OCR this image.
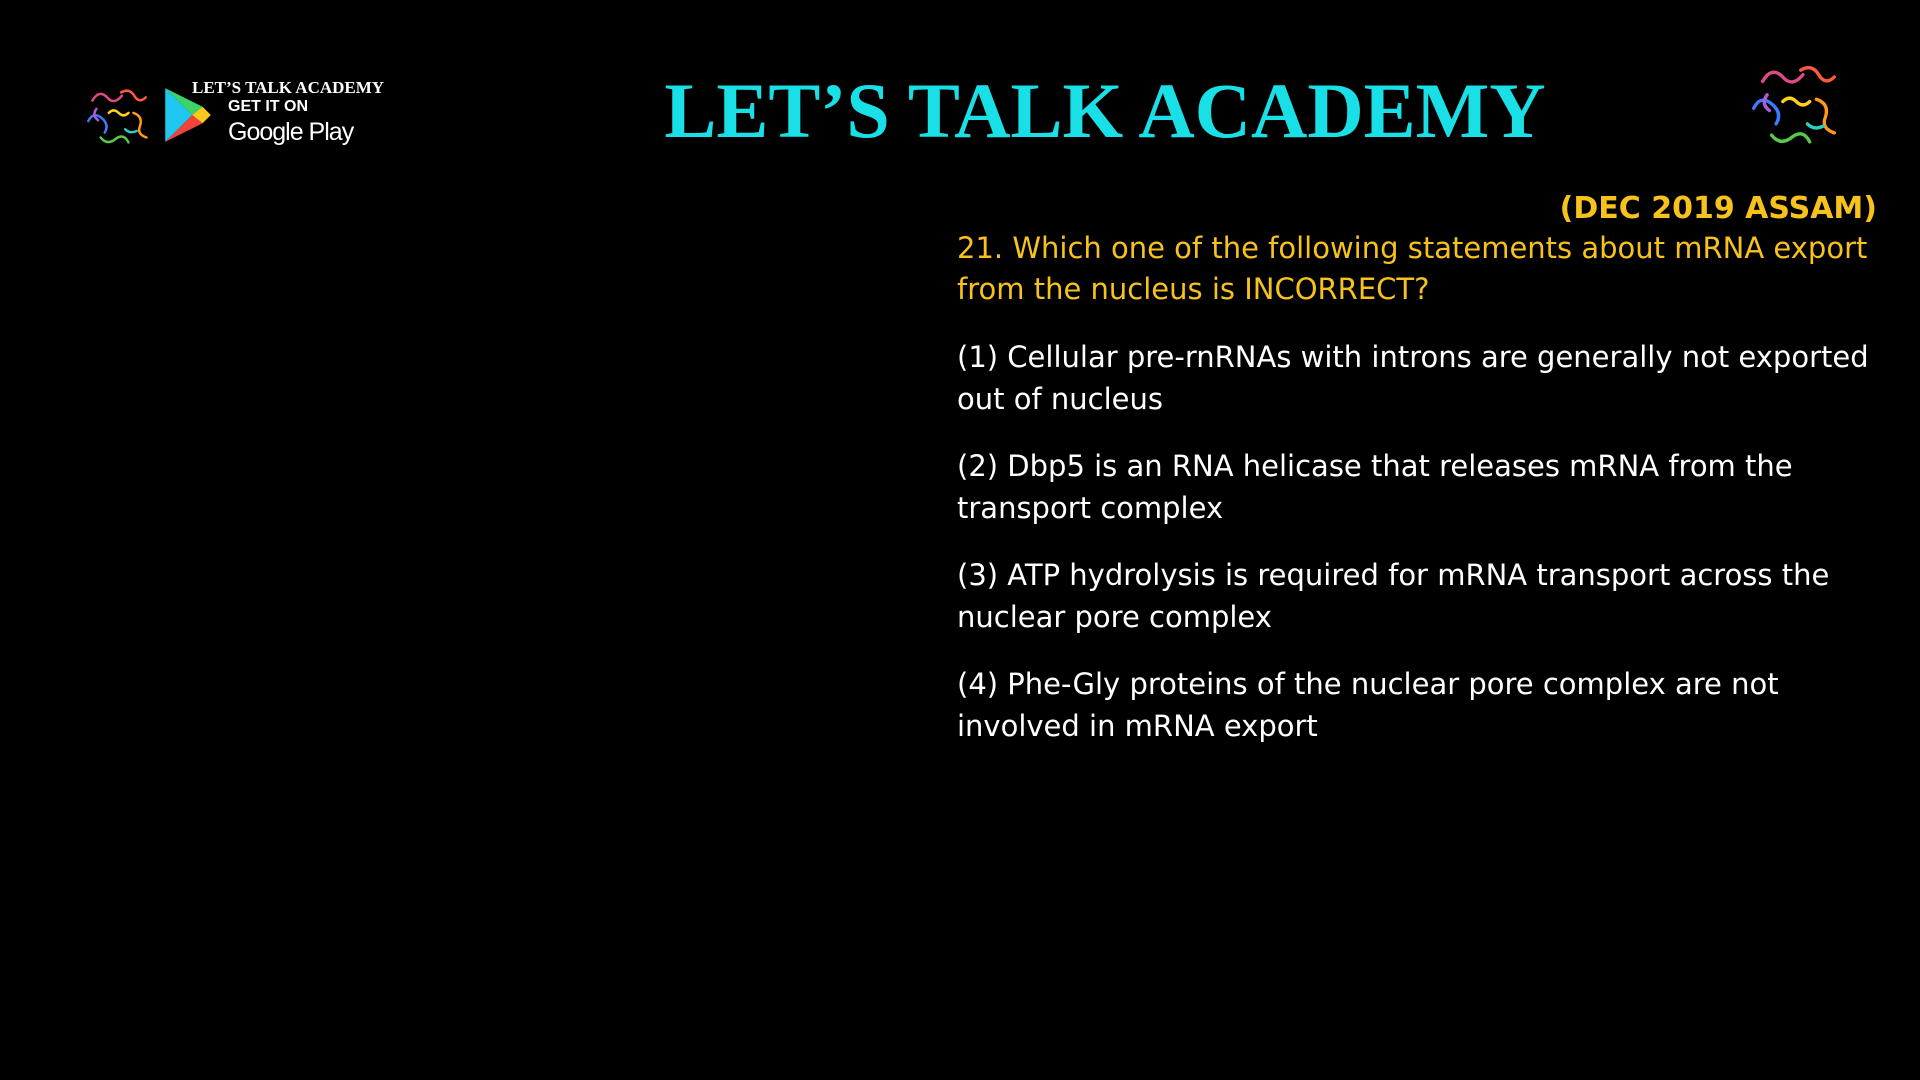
LET’S TALK ACADEMY
GET IT ON
Google Play	LET’S TALK ACADEMY
(DEC 2019 ASSAM)
21. Which one of the following statements about mRNA export from the nucleus is INCORRECT?
(1) Cellular pre-rnRNAs with introns are generally not exported out of nucleus
(2) Dbp5 is an RNA helicase that releases mRNA from the transport complex
(3) ATP hydrolysis is required for mRNA transport across the nuclear pore complex
(4) Phe-Gly proteins of the nuclear pore complex are not involved in mRNA export
